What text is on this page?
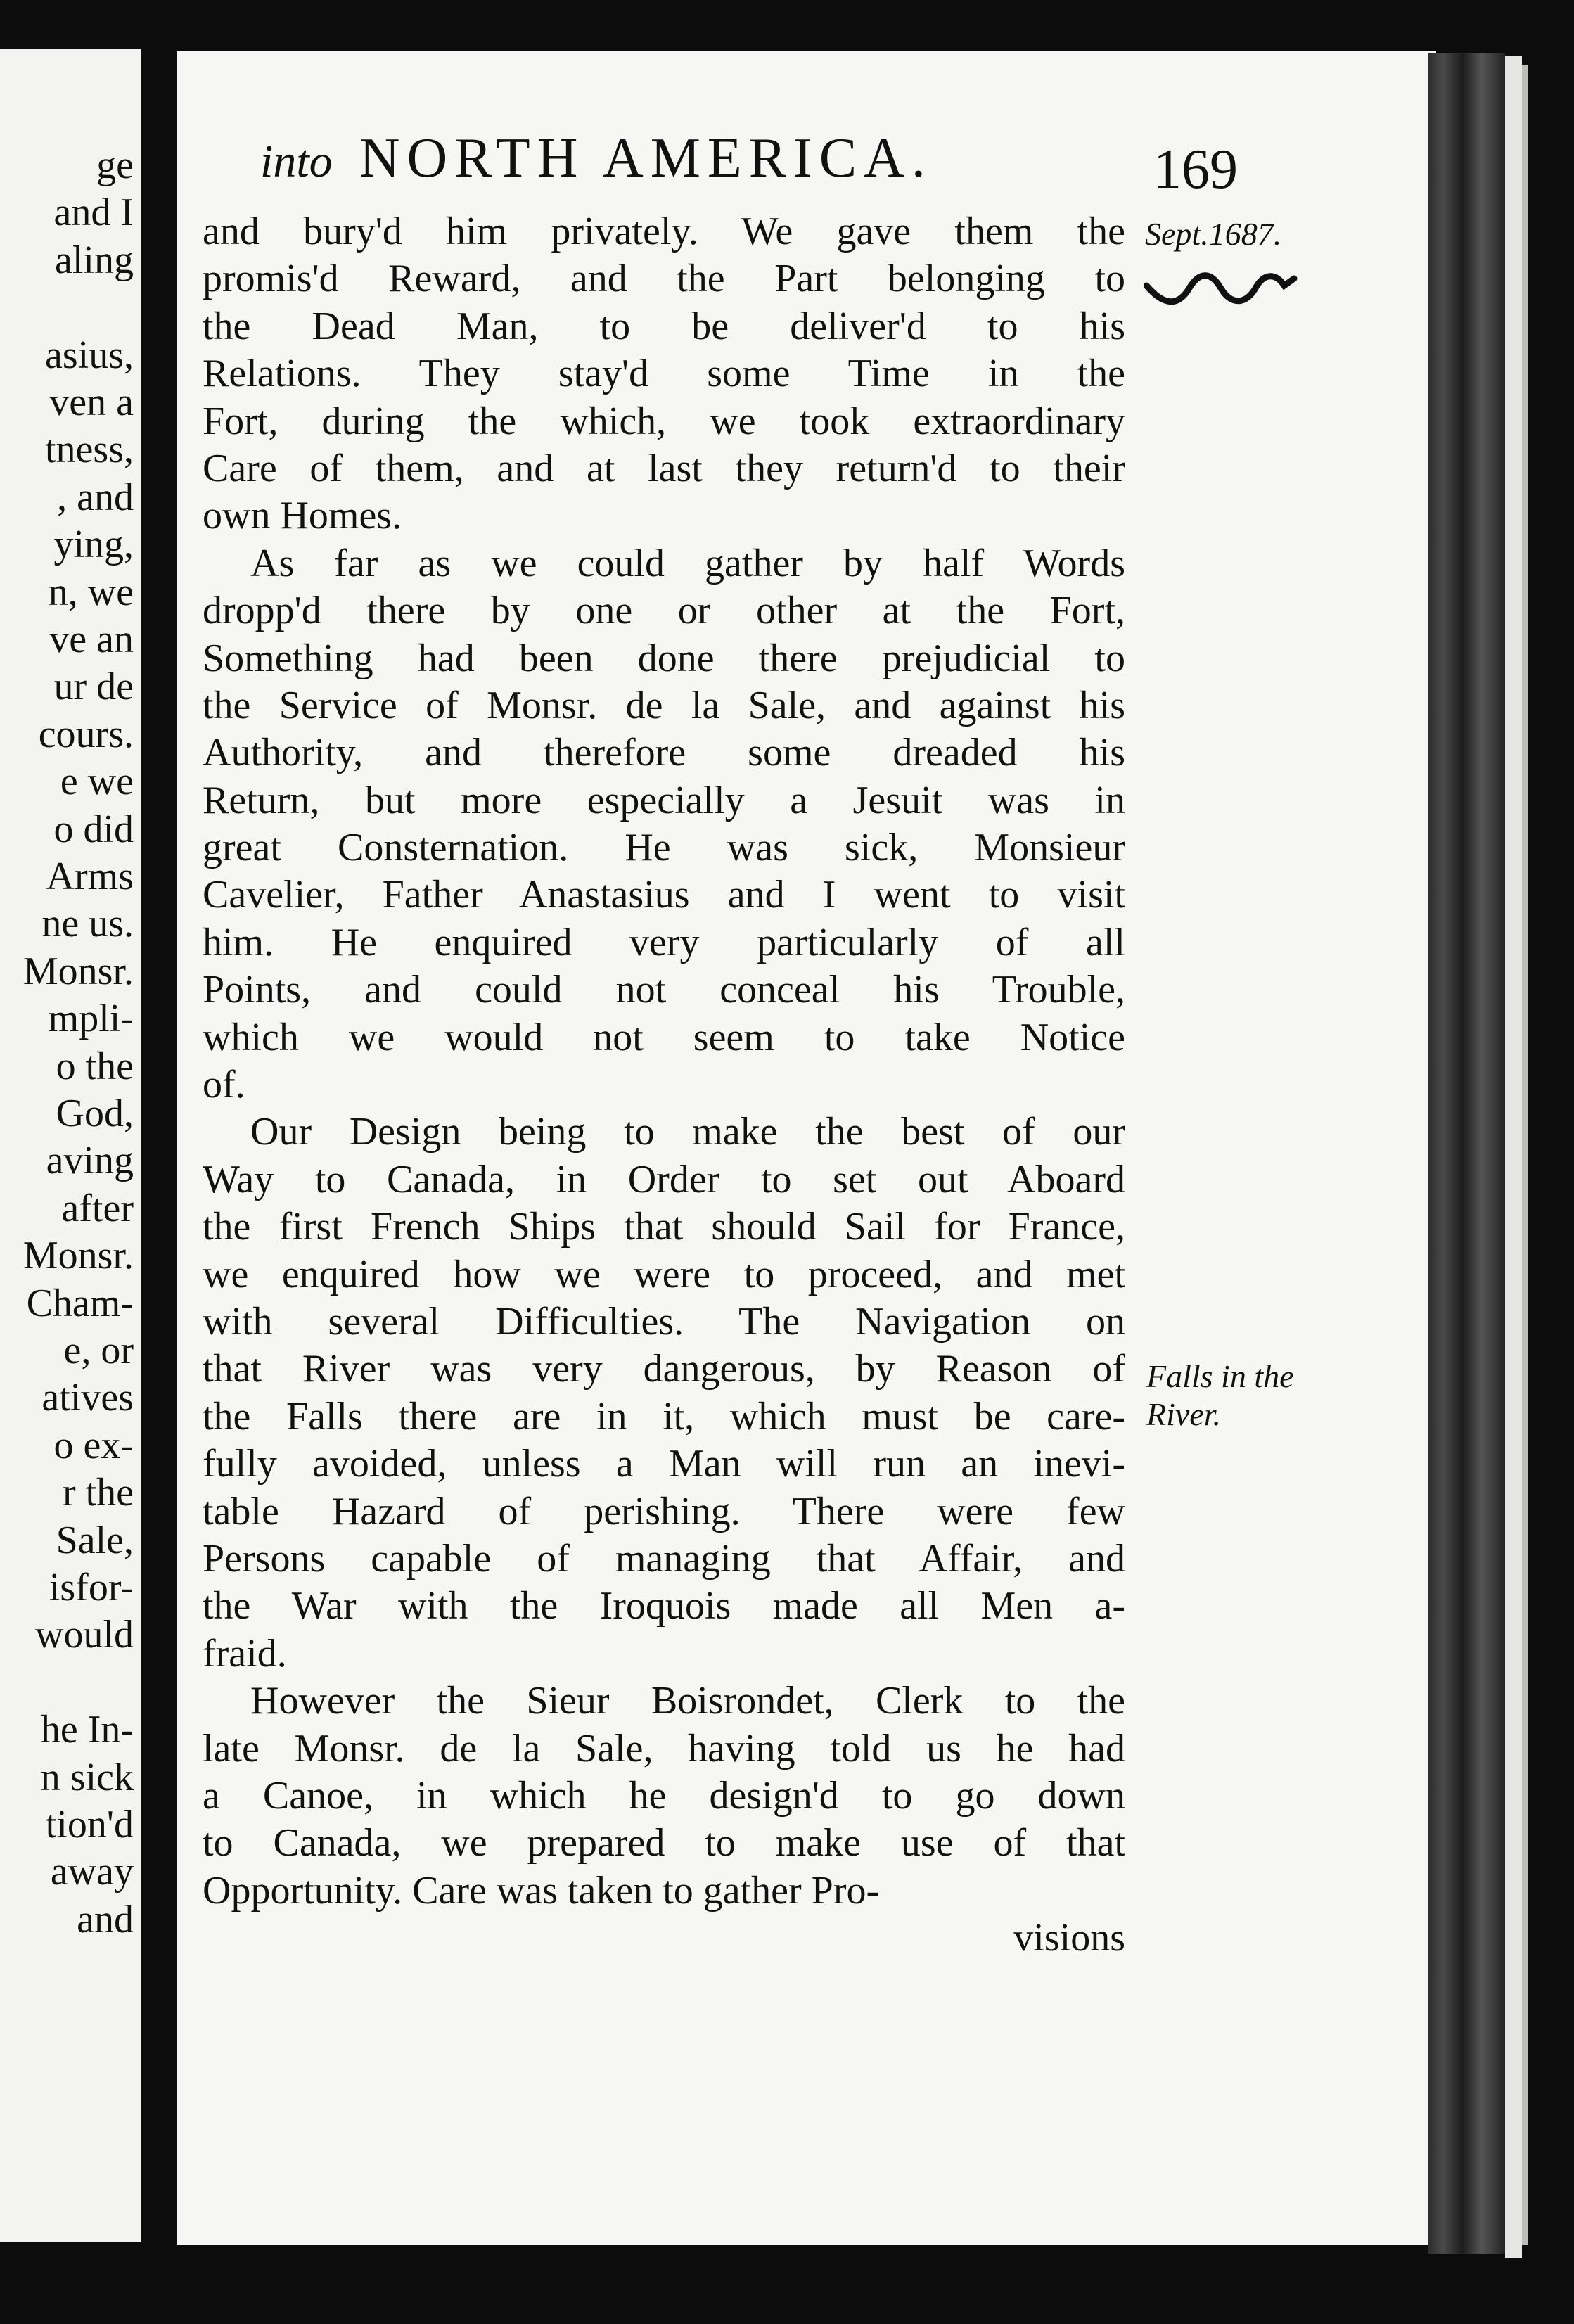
ge
and I
aling
asius,
ven a
tness,
, and
ying,
n, we
ve an
ur de
cours.
e we
o did
Arms
ne us.
Monsr.
mpli-
o the
God,
aving
after
Monsr.
Cham-
e, or
atives
o ex-
r the
Sale,
isfor-
would
he In-
n sick
tion'd
away
and
into NORTH AMERICA.	169
Sept.1687.
Falls in the
River.
and bury'd him privately. We gave them the
promis'd Reward, and the Part belonging to
the Dead Man, to be deliver'd to his
Relations. They stay'd some Time in the
Fort, during the which, we took extraordinary
Care of them, and at last they return'd to their
own Homes.
As far as we could gather by half Words
dropp'd there by one or other at the Fort,
Something had been done there prejudicial to
the Service of Monsr. de la Sale, and against his
Authority, and therefore some dreaded his
Return, but more especially a Jesuit was in
great Consternation. He was sick, Monsieur
Cavelier, Father Anastasius and I went to visit
him. He enquired very particularly of all
Points, and could not conceal his Trouble,
which we would not seem to take Notice
of.
Our Design being to make the best of our
Way to Canada, in Order to set out Aboard
the first French Ships that should Sail for France,
we enquired how we were to proceed, and met
with several Difficulties. The Navigation on
that River was very dangerous, by Reason of
the Falls there are in it, which must be care-
fully avoided, unless a Man will run an inevi-
table Hazard of perishing. There were few
Persons capable of managing that Affair, and
the War with the Iroquois made all Men a-
fraid.
However the Sieur Boisrondet, Clerk to the
late Monsr. de la Sale, having told us he had
a Canoe, in which he design'd to go down
to Canada, we prepared to make use of that
Opportunity. Care was taken to gather Pro-
visions
